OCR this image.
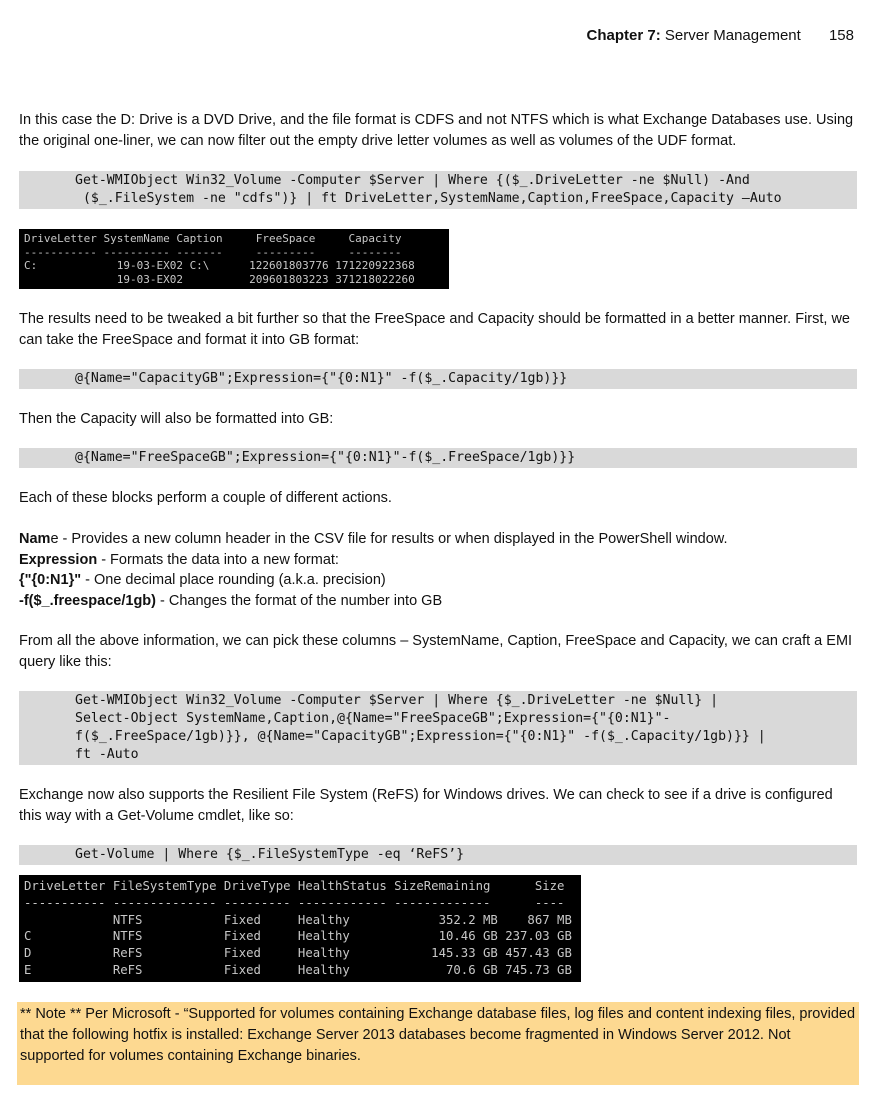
Chapter 7: Server Management 158

In this case the D: Drive is a DVD Drive, and the file format is CDFS and not NTFS which is what Exchange Databases use. Using the original one-liner, we can now filter out the empty drive letter volumes as well as volumes of the UDF format.

Get-WMIObject Win32_Volume -Computer $Server | Where {($_.DriveLetter -ne $Null) -And
($_.FileSystem -ne "cdfs")} | ft DriveLetter,SystemName,Caption,FreeSpace,Capacity –Auto
DriveLetter SystemName Caption     FreeSpace     Capacity
----------- ---------- -------     ---------     --------
C:            19-03-EX02 C:\      122601803776 171220922368
19-03-EX02          209601803223 371218022260

The results need to be tweaked a bit further so that the FreeSpace and Capacity should be formatted in a better manner. First, we can take the FreeSpace and format it into GB format:

@{Name="CapacityGB";Expression={"{0:N1}" -f($_.Capacity/1gb)}}

Then the Capacity will also be formatted into GB:

@{Name="FreeSpaceGB";Expression={"{0:N1}"-f($_.FreeSpace/1gb)}}

Each of these blocks perform a couple of different actions.

Name - Provides a new column header in the CSV file for results or when displayed in the PowerShell window.
Expression - Formats the data into a new format:
{"{0:N1}" - One decimal place rounding (a.k.a. precision)
-f($_.freespace/1gb) - Changes the format of the number into GB

From all the above information, we can pick these columns – SystemName, Caption, FreeSpace and Capacity, we can craft a EMI query like this:

Get-WMIObject Win32_Volume -Computer $Server | Where {$_.DriveLetter -ne $Null} |
Select-Object SystemName,Caption,@{Name="FreeSpaceGB";Expression={"{0:N1}"-
f($_.FreeSpace/1gb)}}, @{Name="CapacityGB";Expression={"{0:N1}" -f($_.Capacity/1gb)}} |
ft -Auto

Exchange now also supports the Resilient File System (ReFS) for Windows drives. We can check to see if a drive is configured this way with a Get-Volume cmdlet, like so:

Get-Volume | Where {$_.FileSystemType -eq ‘ReFS’}
DriveLetter FileSystemType DriveType HealthStatus SizeRemaining      Size
----------- -------------- --------- ------------ -------------      ----
NTFS           Fixed     Healthy            352.2 MB    867 MB
C           NTFS           Fixed     Healthy            10.46 GB 237.03 GB
D           ReFS           Fixed     Healthy           145.33 GB 457.43 GB
E           ReFS           Fixed     Healthy             70.6 GB 745.73 GB
** Note ** Per Microsoft - “Supported for volumes containing Exchange database files, log files and content indexing files, provided that the following hotfix is installed: Exchange Server 2013 databases become fragmented in Windows Server 2012. Not supported for volumes containing Exchange binaries.
